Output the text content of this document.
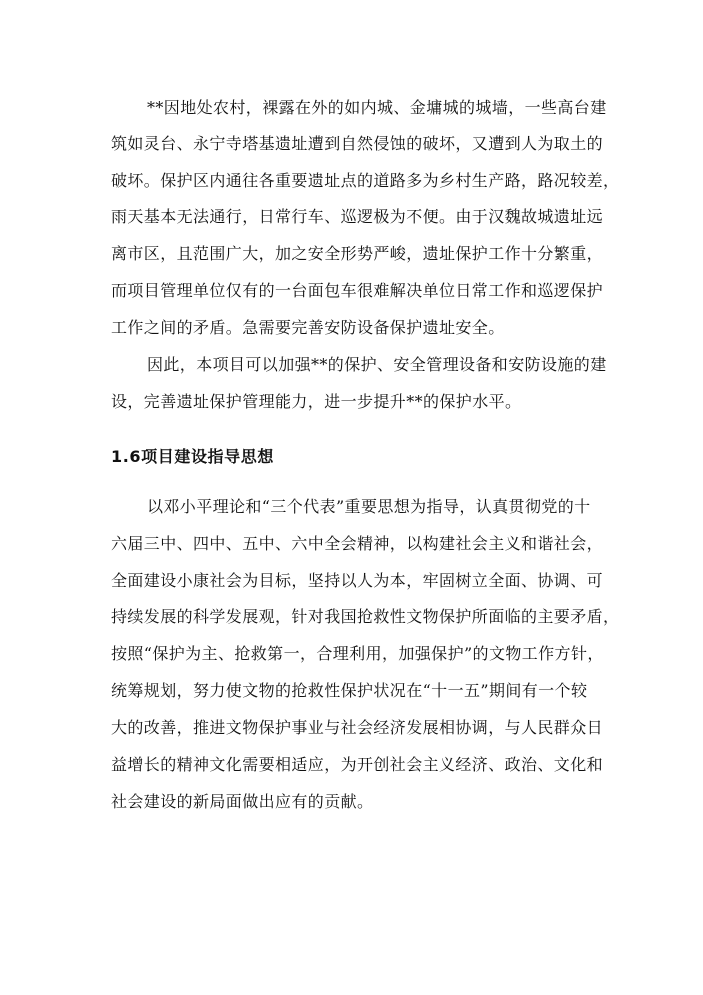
**因地处农村，裸露在外的如内城、金墉城的城墙，一些高台建
筑如灵台、永宁寺塔基遗址遭到自然侵蚀的破坏，又遭到人为取土的
破坏。保护区内通往各重要遗址点的道路多为乡村生产路，路况较差，
雨天基本无法通行，日常行车、巡逻极为不便。由于汉魏故城遗址远
离市区，且范围广大，加之安全形势严峻，遗址保护工作十分繁重，
而项目管理单位仅有的一台面包车很难解决单位日常工作和巡逻保护
工作之间的矛盾。急需要完善安防设备保护遗址安全。
因此，本项目可以加强**的保护、安全管理设备和安防设施的建
设，完善遗址保护管理能力，进一步提升**的保护水平。
1.6项目建设指导思想
以邓小平理论和“三个代表”重要思想为指导，认真贯彻党的十
六届三中、四中、五中、六中全会精神，以构建社会主义和谐社会，
全面建设小康社会为目标，坚持以人为本，牢固树立全面、协调、可
持续发展的科学发展观，针对我国抢救性文物保护所面临的主要矛盾，
按照“保护为主、抢救第一，合理利用，加强保护”的文物工作方针，
统筹规划，努力使文物的抢救性保护状况在“十一五”期间有一个较
大的改善，推进文物保护事业与社会经济发展相协调，与人民群众日
益增长的精神文化需要相适应，为开创社会主义经济、政治、文化和
社会建设的新局面做出应有的贡献。
